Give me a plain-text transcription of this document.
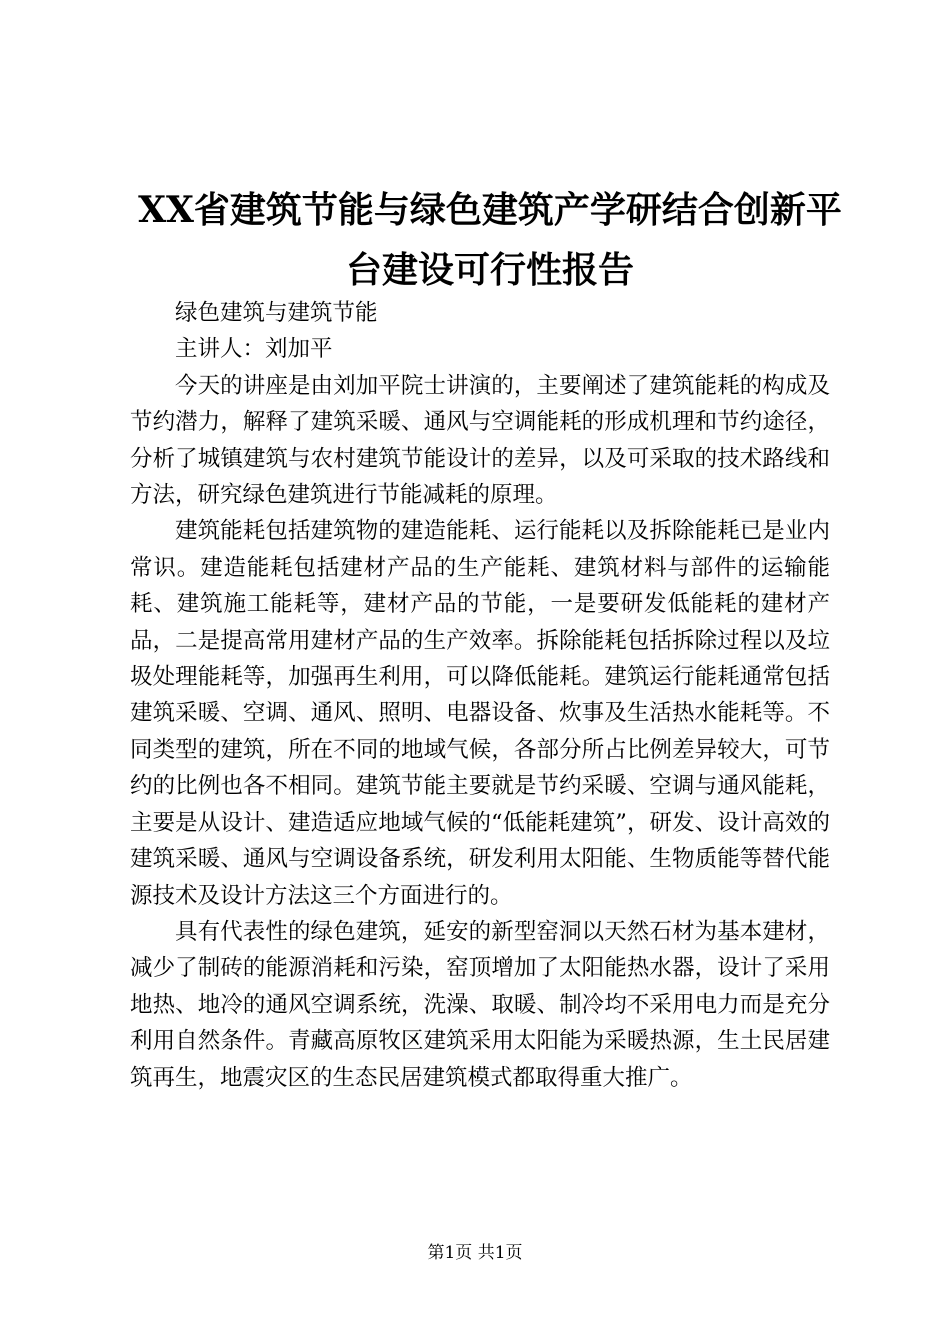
XX省建筑节能与绿色建筑产学研结合创新平
台建设可行性报告

绿色建筑与建筑节能

主讲人：刘加平

今天的讲座是由刘加平院士讲演的，主要阐述了建筑能耗的构成及节约潜力，解释了建筑采暖、通风与空调能耗的形成机理和节约途径，分析了城镇建筑与农村建筑节能设计的差异，以及可采取的技术路线和方法，研究绿色建筑进行节能减耗的原理。

建筑能耗包括建筑物的建造能耗、运行能耗以及拆除能耗已是业内常识。建造能耗包括建材产品的生产能耗、建筑材料与部件的运输能耗、建筑施工能耗等，建材产品的节能，一是要研发低能耗的建材产品，二是提高常用建材产品的生产效率。拆除能耗包括拆除过程以及垃圾处理能耗等，加强再生利用，可以降低能耗。建筑运行能耗通常包括建筑采暖、空调、通风、照明、电器设备、炊事及生活热水能耗等。不同类型的建筑，所在不同的地域气候，各部分所占比例差异较大，可节约的比例也各不相同。建筑节能主要就是节约采暖、空调与通风能耗，主要是从设计、建造适应地域气候的“低能耗建筑”，研发、设计高效的建筑采暖、通风与空调设备系统，研发利用太阳能、生物质能等替代能源技术及设计方法这三个方面进行的。

具有代表性的绿色建筑，延安的新型窑洞以天然石材为基本建材，减少了制砖的能源消耗和污染，窑顶增加了太阳能热水器，设计了采用地热、地冷的通风空调系统，洗澡、取暖、制冷均不采用电力而是充分利用自然条件。青藏高原牧区建筑采用太阳能为采暖热源，生土民居建筑再生，地震灾区的生态民居建筑模式都取得重大推广。

第1页 共1页
